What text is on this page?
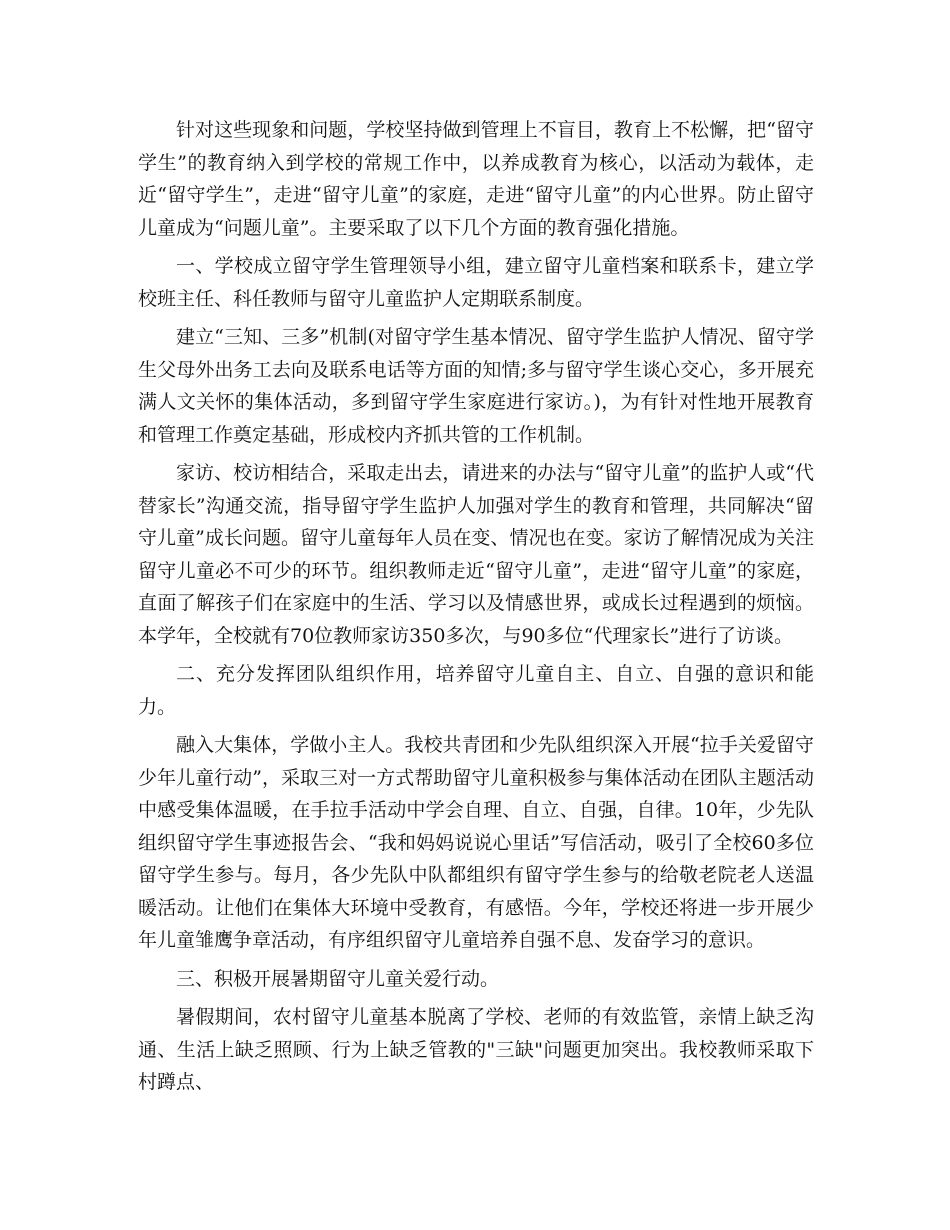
针对这些现象和问题，学校坚持做到管理上不盲目，教育上不松懈，把“留守学生”的教育纳入到学校的常规工作中，以养成教育为核心，以活动为载体，走近“留守学生”，走进“留守儿童”的家庭，走进“留守儿童”的内心世界。防止留守儿童成为“问题儿童”。主要采取了以下几个方面的教育强化措施。

一、学校成立留守学生管理领导小组，建立留守儿童档案和联系卡，建立学校班主任、科任教师与留守儿童监护人定期联系制度。

建立“三知、三多”机制(对留守学生基本情况、留守学生监护人情况、留守学生父母外出务工去向及联系电话等方面的知情;多与留守学生谈心交心，多开展充满人文关怀的集体活动，多到留守学生家庭进行家访。)，为有针对性地开展教育和管理工作奠定基础，形成校内齐抓共管的工作机制。

家访、校访相结合，采取走出去，请进来的办法与“留守儿童”的监护人或“代替家长”沟通交流，指导留守学生监护人加强对学生的教育和管理，共同解决“留守儿童”成长问题。留守儿童每年人员在变、情况也在变。家访了解情况成为关注留守儿童必不可少的环节。组织教师走近“留守儿童”，走进“留守儿童”的家庭，直面了解孩子们在家庭中的生活、学习以及情感世界，或成长过程遇到的烦恼。本学年，全校就有70位教师家访350多次，与90多位“代理家长”进行了访谈。

二、充分发挥团队组织作用，培养留守儿童自主、自立、自强的意识和能力。

融入大集体，学做小主人。我校共青团和少先队组织深入开展“拉手关爱留守少年儿童行动”，采取三对一方式帮助留守儿童积极参与集体活动在团队主题活动中感受集体温暖，在手拉手活动中学会自理、自立、自强，自律。10年，少先队组织留守学生事迹报告会、“我和妈妈说说心里话”写信活动，吸引了全校60多位留守学生参与。每月，各少先队中队都组织有留守学生参与的给敬老院老人送温暖活动。让他们在集体大环境中受教育，有感悟。今年，学校还将进一步开展少年儿童雏鹰争章活动，有序组织留守儿童培养自强不息、发奋学习的意识。

三、积极开展暑期留守儿童关爱行动。

暑假期间，农村留守儿童基本脱离了学校、老师的有效监管，亲情上缺乏沟通、生活上缺乏照顾、行为上缺乏管教的"三缺"问题更加突出。我校教师采取下村蹲点、
